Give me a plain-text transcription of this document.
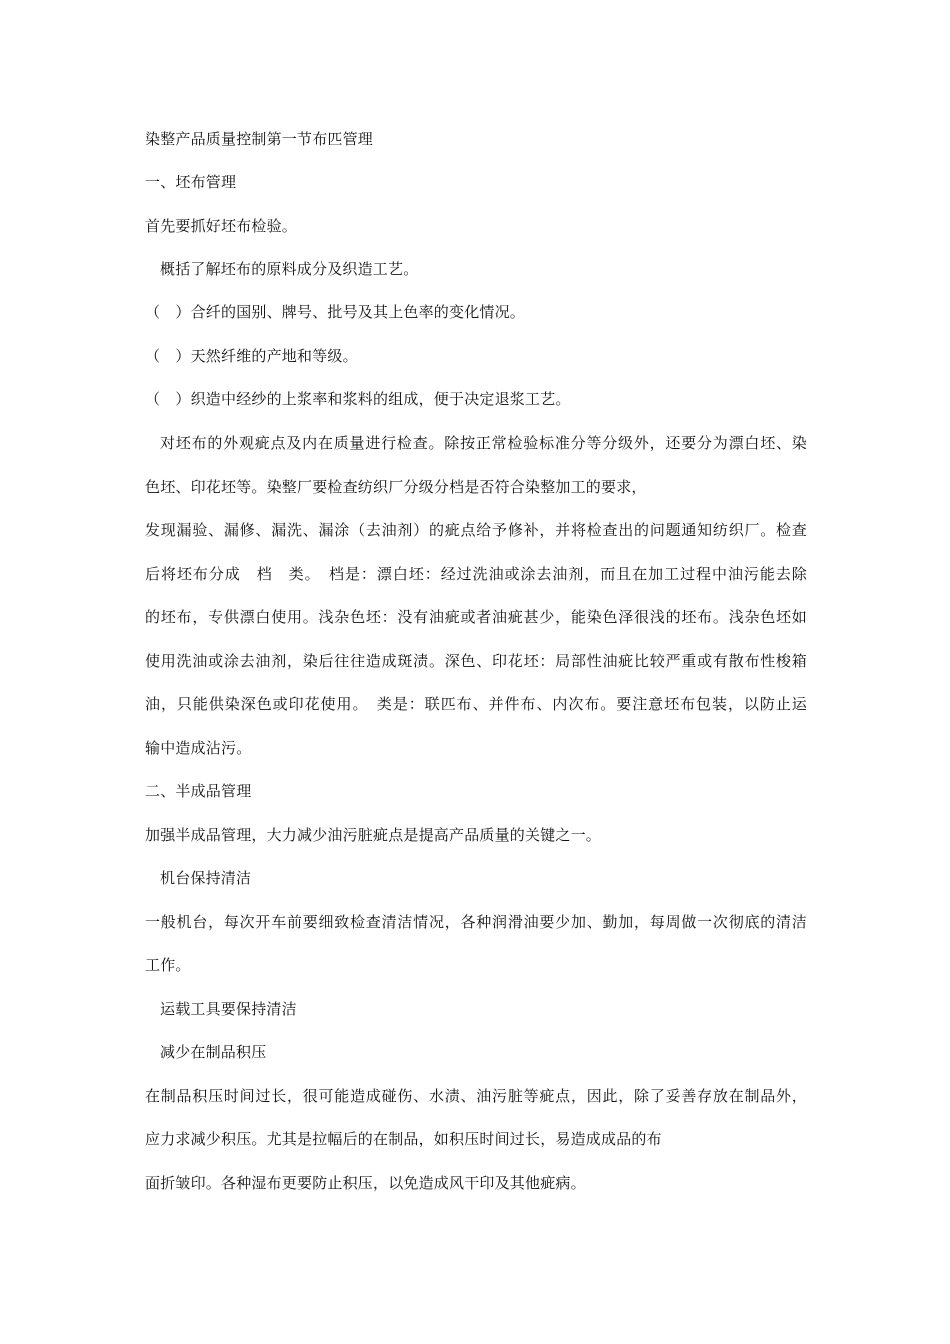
染整产品质量控制第一节布匹管理
一、坯布管理
首先要抓好坯布检验。
概括了解坯布的原料成分及织造工艺。
（　）合纤的国别、牌号、批号及其上色率的变化情况。
（　）天然纤维的产地和等级。
（　）织造中经纱的上浆率和浆料的组成，便于决定退浆工艺。
对坯布的外观疵点及内在质量进行检查。除按正常检验标准分等分级外，还要分为漂白坯、染
色坯、印花坯等。染整厂要检查纺织厂分级分档是否符合染整加工的要求，
发现漏验、漏修、漏洗、漏涂（去油剂）的疵点给予修补，并将检查出的问题通知纺织厂。检查
后将坯布分成　档　类。　档是：漂白坯：经过洗油或涂去油剂，而且在加工过程中油污能去除
的坯布，专供漂白使用。浅杂色坯：没有油疵或者油疵甚少，能染色泽很浅的坯布。浅杂色坯如
使用洗油或涂去油剂，染后往往造成斑渍。深色、印花坯：局部性油疵比较严重或有散布性梭箱
油，只能供染深色或印花使用。　类是：联匹布、并件布、内次布。要注意坯布包装，以防止运
输中造成沾污。
二、半成品管理
加强半成品管理，大力减少油污脏疵点是提高产品质量的关键之一。
机台保持清洁
一般机台，每次开车前要细致检查清洁情况，各种润滑油要少加、勤加，每周做一次彻底的清洁
工作。
运载工具要保持清洁
减少在制品积压
在制品积压时间过长，很可能造成碰伤、水渍、油污脏等疵点，因此，除了妥善存放在制品外，
应力求减少积压。尤其是拉幅后的在制品，如积压时间过长，易造成成品的布
面折皱印。各种湿布更要防止积压，以免造成风干印及其他疵病。
